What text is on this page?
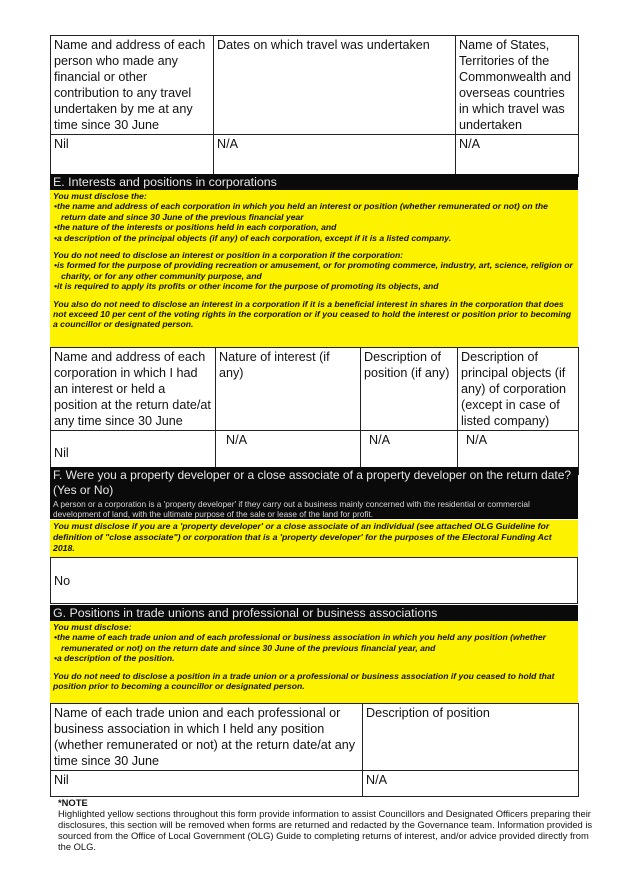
Name and address of each person who made any financial or other contribution to any travel undertaken by me at any time since 30 June	Dates on which travel was undertaken	Name of States, Territories of the Commonwealth and overseas countries in which travel was undertaken
Nil	N/A	N/A
E. Interests and positions in corporations

You must disclose the:

• the name and address of each corporation in which you held an interest or position (whether remunerated or not) on the return date and since 30 June of the previous financial year
• the nature of the interests or positions held in each corporation, and
• a description of the principal objects (if any) of each corporation, except if it is a listed company.

You do not need to disclose an interest or position in a corporation if the corporation:

• is formed for the purpose of providing recreation or amusement, or for promoting commerce, industry, art, science, religion or charity, or for any other community purpose, and
• it is required to apply its profits or other income for the purpose of promoting its objects, and

You also do not need to disclose an interest in a corporation if it is a beneficial interest in shares in the corporation that does not exceed 10 per cent of the voting rights in the corporation or if you ceased to hold the interest or position prior to becoming a councillor or designated person.

Name and address of each corporation in which I had an interest or held a position at the return date/at any time since 30 June	Nature of interest (if any)	Description of position (if any)	Description of principal objects (if any) of corporation (except in case of listed company)
Nil	N/A	N/A	N/A
F. Were you a property developer or a close associate of a property developer on the return date? (Yes or No)
A person or a corporation is a 'property developer' if they carry out a business mainly concerned with the residential or commercial development of land, with the ultimate purpose of the sale or lease of the land for profit.
You must disclose if you are a 'property developer' or a close associate of an individual (see attached OLG Guideline for definition of "close associate") or corporation that is a 'property developer' for the purposes of the Electoral Funding Act 2018.
No
G. Positions in trade unions and professional or business associations

You must disclose:

• the name of each trade union and of each professional or business association in which you held any position (whether remunerated or not) on the return date and since 30 June of the previous financial year, and
• a description of the position.

You do not need to disclose a position in a trade union or a professional or business association if you ceased to hold that position prior to becoming a councillor or designated person.

Name of each trade union and each professional or business association in which I held any position (whether remunerated or not) at the return date/at any time since 30 June	Description of position
Nil	N/A
*NOTE
Highlighted yellow sections throughout this form provide information to assist Councillors and Designated Officers preparing their disclosures, this section will be removed when forms are returned and redacted by the Governance team. Information provided is sourced from the Office of Local Government (OLG) Guide to completing returns of interest, and/or advice provided directly from the OLG.
